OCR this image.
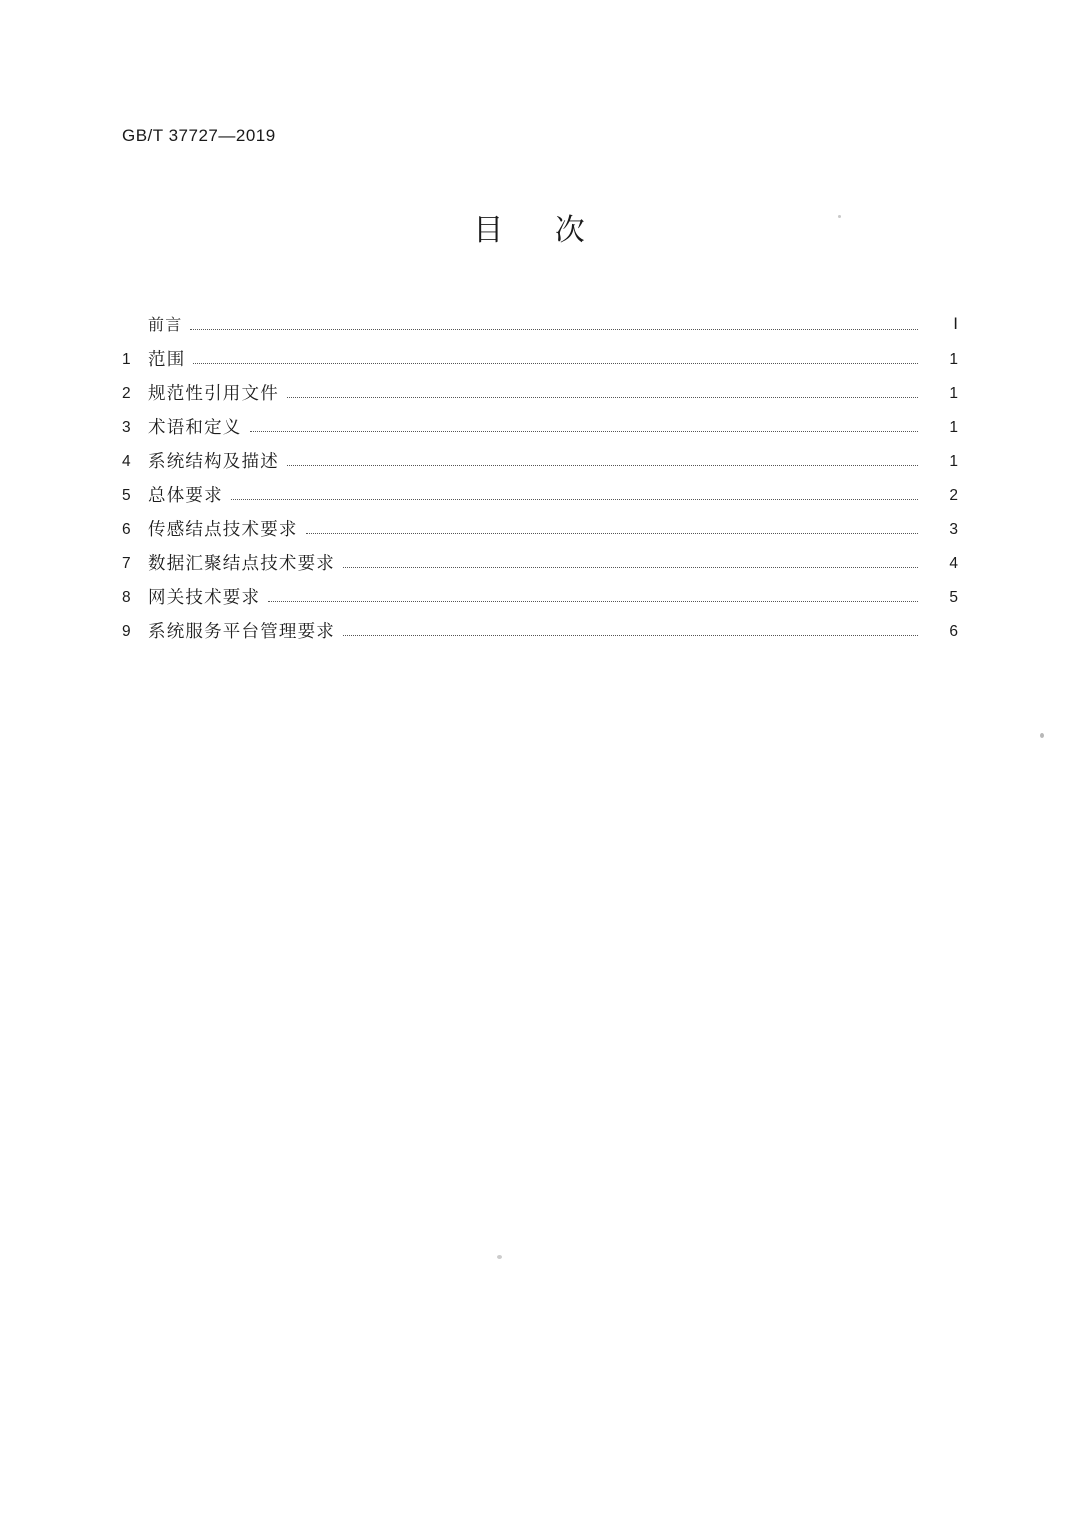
GB/T 37727—2019
目 次
前言	Ⅰ
1 范围	1
2 规范性引用文件	1
3 术语和定义	1
4 系统结构及描述	1
5 总体要求	2
6 传感结点技术要求	3
7 数据汇聚结点技术要求	4
8 网关技术要求	5
9 系统服务平台管理要求	6
